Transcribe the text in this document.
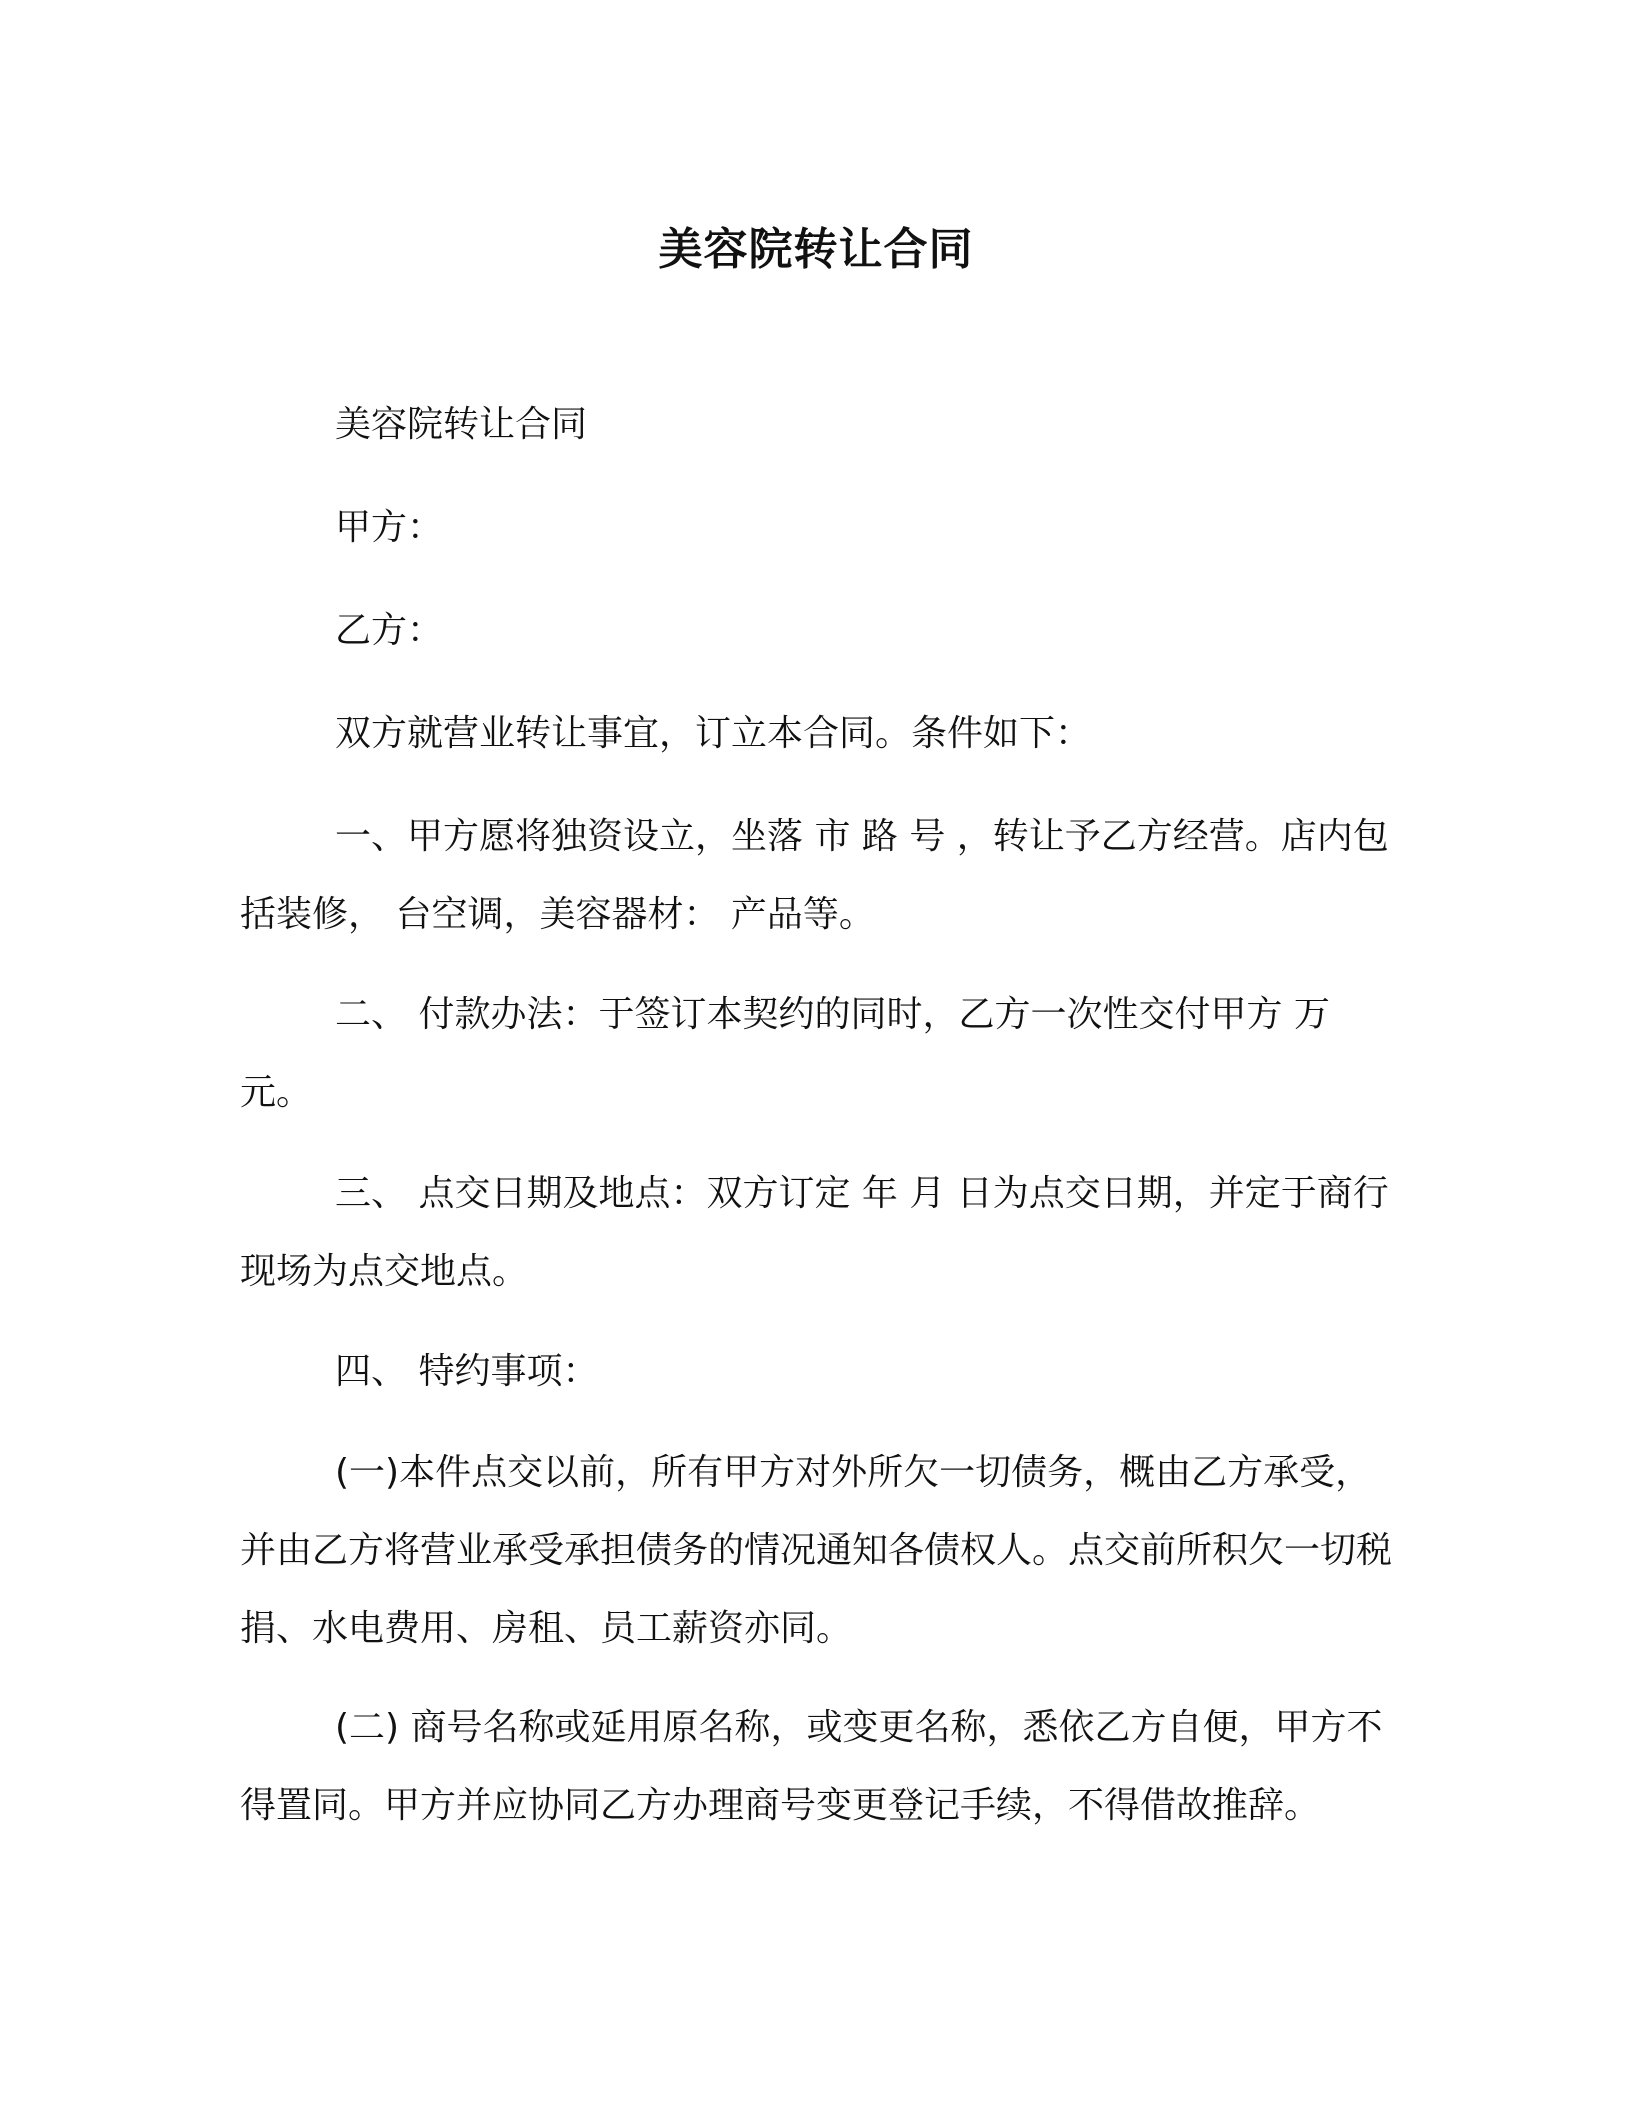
美容院转让合同

美容院转让合同

甲方：

乙方：

双方就营业转让事宜，订立本合同。条件如下：

一、甲方愿将独资设立，坐落 市 路 号 ，转让予乙方经营。店内包括装修， 台空调，美容器材： 产品等。

二、 付款办法：于签订本契约的同时，乙方一次性交付甲方 万元。

三、 点交日期及地点：双方订定 年 月 日为点交日期，并定于商行现场为点交地点。

四、 特约事项：

(一)本件点交以前，所有甲方对外所欠一切债务，概由乙方承受，并由乙方将营业承受承担债务的情况通知各债权人。点交前所积欠一切税捐、水电费用、房租、员工薪资亦同。

(二) 商号名称或延用原名称，或变更名称，悉依乙方自便，甲方不得置同。甲方并应协同乙方办理商号变更登记手续，不得借故推辞。
